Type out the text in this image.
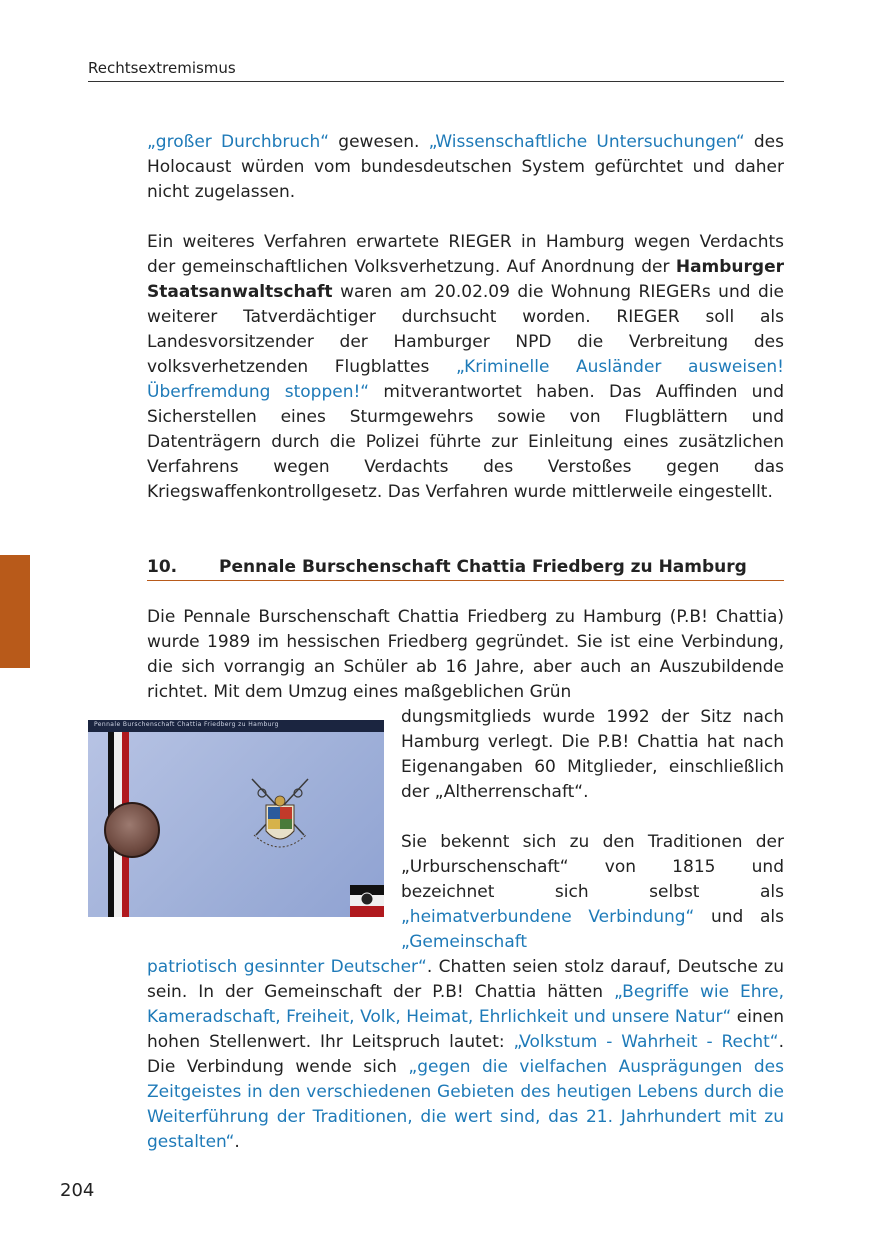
Rechtsextremismus

„großer Durchbruch“ gewesen. „Wissenschaftliche Untersuchungen“ des Holocaust würden vom bundesdeutschen System gefürchtet und daher nicht zugelassen.

Ein weiteres Verfahren erwartete RIEGER in Hamburg wegen Verdachts der gemeinschaftlichen Volksverhetzung. Auf Anordnung der Hamburger Staatsanwaltschaft waren am 20.02.09 die Wohnung RIEGERs und die weiterer Tatverdächtiger durchsucht worden. RIEGER soll als Landesvorsitzender der Hamburger NPD die Verbreitung des volksverhetzenden Flugblattes „Kriminelle Ausländer ausweisen! Überfremdung stoppen!“ mitverantwortet haben. Das Auffinden und Sicherstellen eines Sturmgewehrs sowie von Flugblättern und Datenträgern durch die Polizei führte zur Einleitung eines zusätzlichen Verfahrens wegen Verdachts des Verstoßes gegen das Kriegswaffenkontrollgesetz. Das Verfahren wurde mittlerweile eingestellt.

10. Pennale Burschenschaft Chattia Friedberg zu Hamburg

Die Pennale Burschenschaft Chattia Friedberg zu Hamburg (P.B! Chattia) wurde 1989 im hessischen Friedberg gegründet. Sie ist eine Verbindung, die sich vorrangig an Schüler ab 16 Jahre, aber auch an Auszubildende richtet. Mit dem Umzug eines maßgeblichen Grün

dungsmitglieds wurde 1992 der Sitz nach Hamburg verlegt. Die P.B! Chattia hat nach Eigenangaben 60 Mitglieder, einschließlich der „Altherrenschaft“.

Sie bekennt sich zu den Traditionen der „Urburschenschaft“ von 1815 und bezeichnet sich selbst als „heimatverbundene Verbindung“ und als „Gemeinschaft

patriotisch gesinnter Deutscher“. Chatten seien stolz darauf, Deutsche zu sein. In der Gemeinschaft der P.B! Chattia hätten „Begriffe wie Ehre, Kameradschaft, Freiheit, Volk, Heimat, Ehrlichkeit und unsere Natur“ einen hohen Stellenwert. Ihr Leitspruch lautet: „Volkstum - Wahrheit - Recht“. Die Verbindung wende sich „gegen die vielfachen Ausprägungen des Zeitgeistes in den verschiedenen Gebieten des heutigen Lebens durch die Weiterführung der Traditionen, die wert sind, das 21. Jahrhundert mit zu gestalten“.

Pennale Burschenschaft Chattia Friedberg zu Hamburg
204
